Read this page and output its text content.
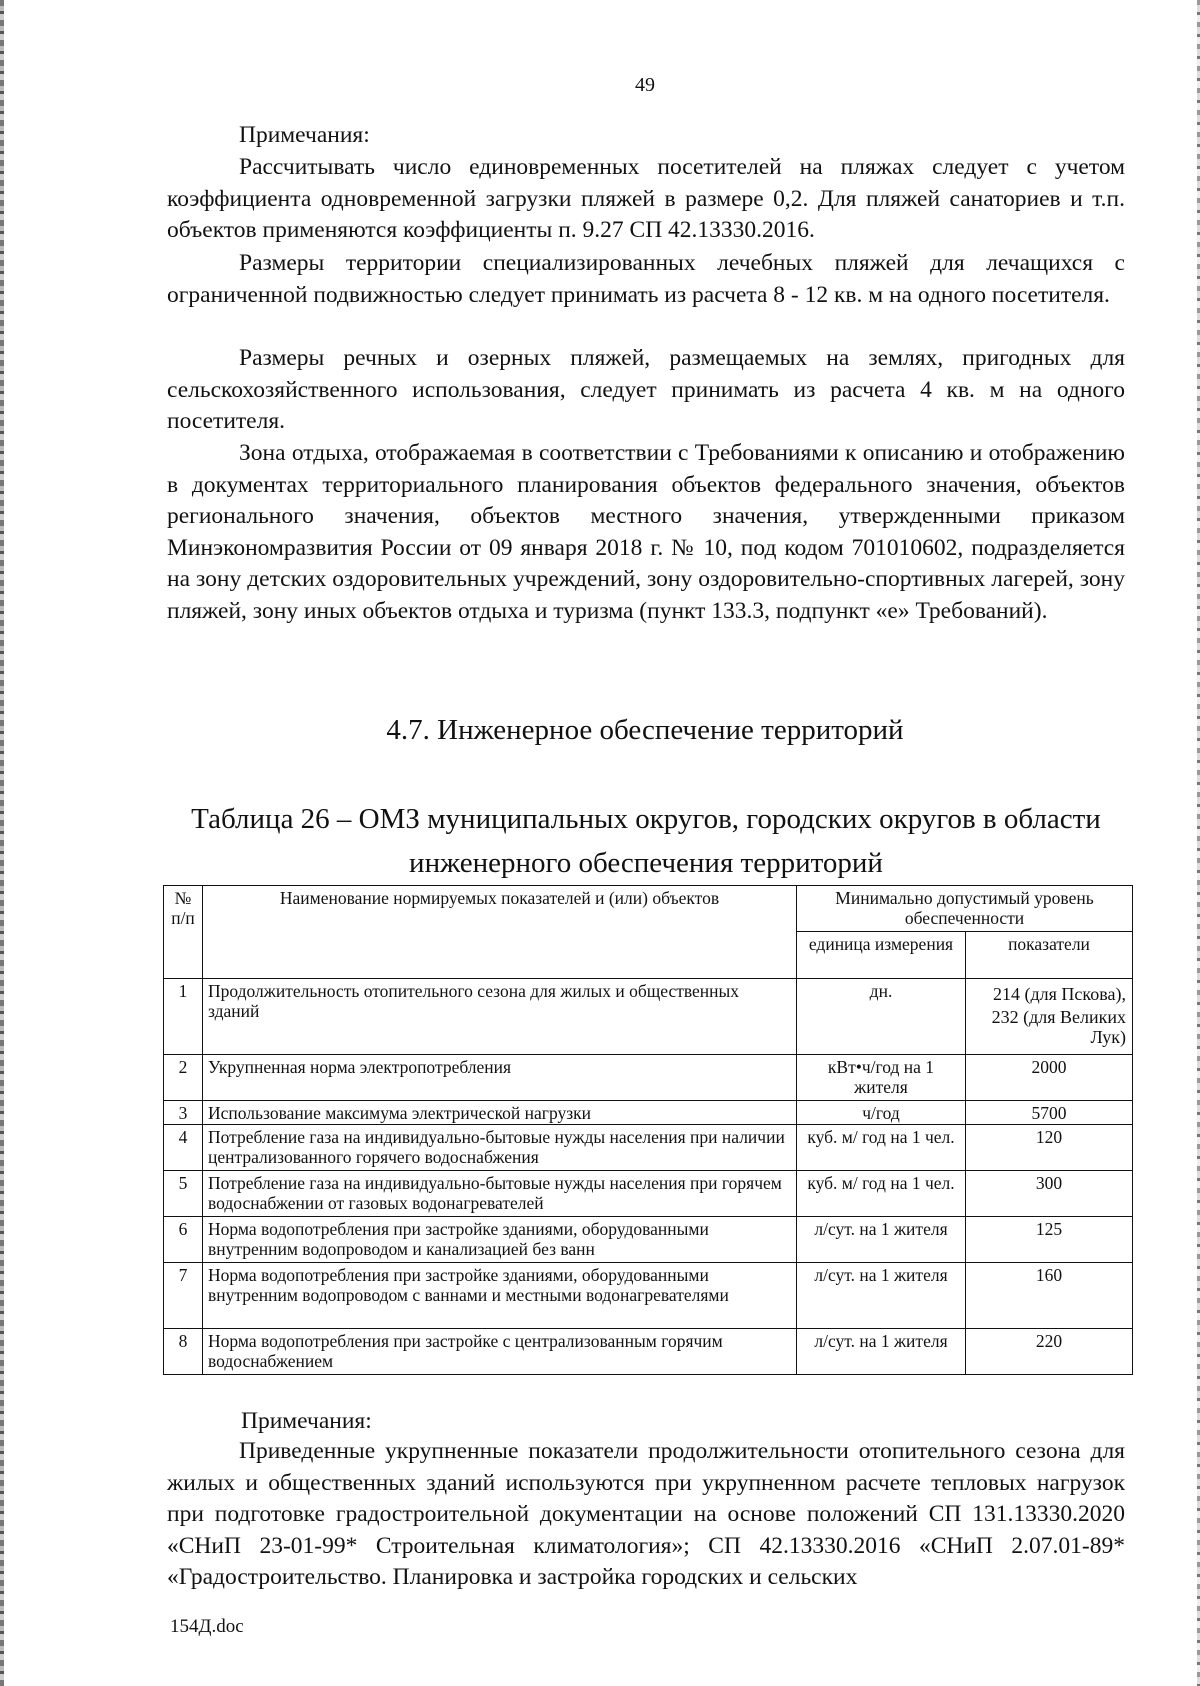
49

Примечания:

Рассчитывать число единовременных посетителей на пляжах следует с учетом коэффициента одновременной загрузки пляжей в размере 0,2. Для пляжей санаториев и т.п. объектов применяются коэффициенты п. 9.27 СП 42.13330.2016.

Размеры территории специализированных лечебных пляжей для лечащихся с ограниченной подвижностью следует принимать из расчета 8 - 12 кв. м на одного посетителя.

Размеры речных и озерных пляжей, размещаемых на землях, пригодных для сельскохозяйственного использования, следует принимать из расчета 4 кв. м на одного посетителя.

Зона отдыха, отображаемая в соответствии с Требованиями к описанию и отображению в документах территориального планирования объектов федерального значения, объектов регионального значения, объектов местного значения, утвержденными приказом Минэкономразвития России от 09 января 2018 г. № 10, под кодом 701010602, подразделяется на зону детских оздоровительных учреждений, зону оздоровительно-спортивных лагерей, зону пляжей, зону иных объектов отдыха и туризма (пункт 133.3, подпункт «е» Требований).

4.7. Инженерное обеспечение территорий
Таблица 26 – ОМЗ муниципальных округов, городских округов в области инженерного обеспечения территорий
№ п/п	Наименование нормируемых показателей и (или) объектов	Минимально допустимый уровень обеспеченности	
		единица измерения	показатели
1	Продолжительность отопительного сезона для жилых и общественных зданий	дн.	214 (для Пскова),
232 (для Великих Лук)

2	Укрупненная норма электропотребления	кВт•ч/год на 1 жителя	2000
3	Использование максимума электрической нагрузки	ч/год	5700
4	Потребление газа на индивидуально-бытовые нужды населения при наличии централизованного горячего водоснабжения	куб. м/ год на 1 чел.	120
5	Потребление газа на индивидуально-бытовые нужды населения при горячем водоснабжении от газовых водонагревателей	куб. м/ год на 1 чел.	300
6	Норма водопотребления при застройке зданиями, оборудованными внутренним водопроводом и канализацией без ванн	л/сут. на 1 жителя	125
7	Норма водопотребления при застройке зданиями, оборудованными внутренним водопроводом с ваннами и местными водонагревателями	л/сут. на 1 жителя	160
8	Норма водопотребления при застройке с централизованным горячим водоснабжением	л/сут. на 1 жителя	220

Примечания:

Приведенные укрупненные показатели продолжительности отопительного сезона для жилых и общественных зданий используются при укрупненном расчете тепловых нагрузок при подготовке градостроительной документации на основе положений СП 131.13330.2020 «СНиП 23-01-99* Строительная климатология»; СП 42.13330.2016 «СНиП 2.07.01-89* «Градостроительство. Планировка и застройка городских и сельских

154Д.doc
